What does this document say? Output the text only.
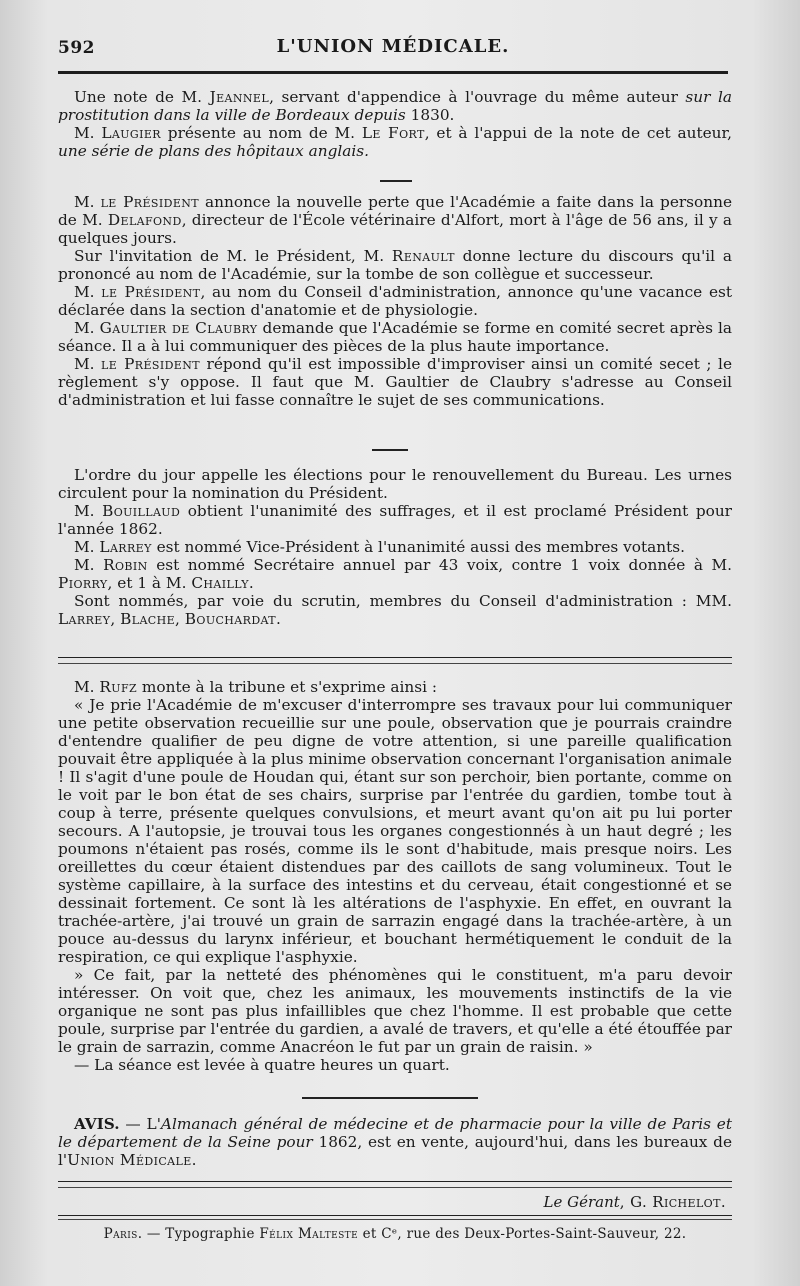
592	L'UNION MÉDICALE.

Une note de M. Jeannel, servant d'appendice à l'ouvrage du même auteur sur la prostitution dans la ville de Bordeaux depuis 1830.

M. Laugier présente au nom de M. Le Fort, et à l'appui de la note de cet auteur, une série de plans des hôpitaux anglais.

M. le Président annonce la nouvelle perte que l'Académie a faite dans la personne de M. Delafond, directeur de l'École vétérinaire d'Alfort, mort à l'âge de 56 ans, il y a quelques jours.

Sur l'invitation de M. le Président, M. Renault donne lecture du discours qu'il a prononcé au nom de l'Académie, sur la tombe de son collègue et successeur.

M. le Président, au nom du Conseil d'administration, annonce qu'une vacance est déclarée dans la section d'anatomie et de physiologie.

M. Gaultier de Claubry demande que l'Académie se forme en comité secret après la séance. Il a à lui communiquer des pièces de la plus haute importance.

M. le Président répond qu'il est impossible d'improviser ainsi un comité secet ; le règlement s'y oppose. Il faut que M. Gaultier de Claubry s'adresse au Conseil d'administration et lui fasse connaître le sujet de ses communications.

L'ordre du jour appelle les élections pour le renouvellement du Bureau. Les urnes circulent pour la nomination du Président.

M. Bouillaud obtient l'unanimité des suffrages, et il est proclamé Président pour l'année 1862.

M. Larrey est nommé Vice-Président à l'unanimité aussi des membres votants.

M. Robin est nommé Secrétaire annuel par 43 voix, contre 1 voix donnée à M. Piorry, et 1 à M. Chailly.

Sont nommés, par voie du scrutin, membres du Conseil d'administration : MM. Larrey, Blache, Bouchardat.

M. Rufz monte à la tribune et s'exprime ainsi :

« Je prie l'Académie de m'excuser d'interrompre ses travaux pour lui communiquer une petite observation recueillie sur une poule, observation que je pourrais craindre d'entendre qualifier de peu digne de votre attention, si une pareille qualification pouvait être appliquée à la plus minime observation concernant l'organisation animale ! Il s'agit d'une poule de Houdan qui, étant sur son perchoir, bien portante, comme on le voit par le bon état de ses chairs, surprise par l'entrée du gardien, tombe tout à coup à terre, présente quelques convulsions, et meurt avant qu'on ait pu lui porter secours. A l'autopsie, je trouvai tous les organes congestionnés à un haut degré ; les poumons n'étaient pas rosés, comme ils le sont d'habitude, mais presque noirs. Les oreillettes du cœur étaient distendues par des caillots de sang volumineux. Tout le système capillaire, à la surface des intestins et du cerveau, était congestionné et se dessinait fortement. Ce sont là les altérations de l'asphyxie. En effet, en ouvrant la trachée-artère, j'ai trouvé un grain de sarrazin engagé dans la trachée-artère, à un pouce au-dessus du larynx inférieur, et bouchant hermétiquement le conduit de la respiration, ce qui explique l'asphyxie.

» Ce fait, par la netteté des phénomènes qui le constituent, m'a paru devoir intéresser. On voit que, chez les animaux, les mouvements instinctifs de la vie organique ne sont pas plus infaillibles que chez l'homme. Il est probable que cette poule, surprise par l'entrée du gardien, a avalé de travers, et qu'elle a été étouffée par le grain de sarrazin, comme Anacréon le fut par un grain de raisin. »

— La séance est levée à quatre heures un quart.

AVIS. — L'Almanach général de médecine et de pharmacie pour la ville de Paris et le département de la Seine pour 1862, est en vente, aujourd'hui, dans les bureaux de l'Union Médicale.

Le Gérant, G. Richelot.
Paris. — Typographie Félix Malteste et Cᵉ, rue des Deux-Portes-Saint-Sauveur, 22.
